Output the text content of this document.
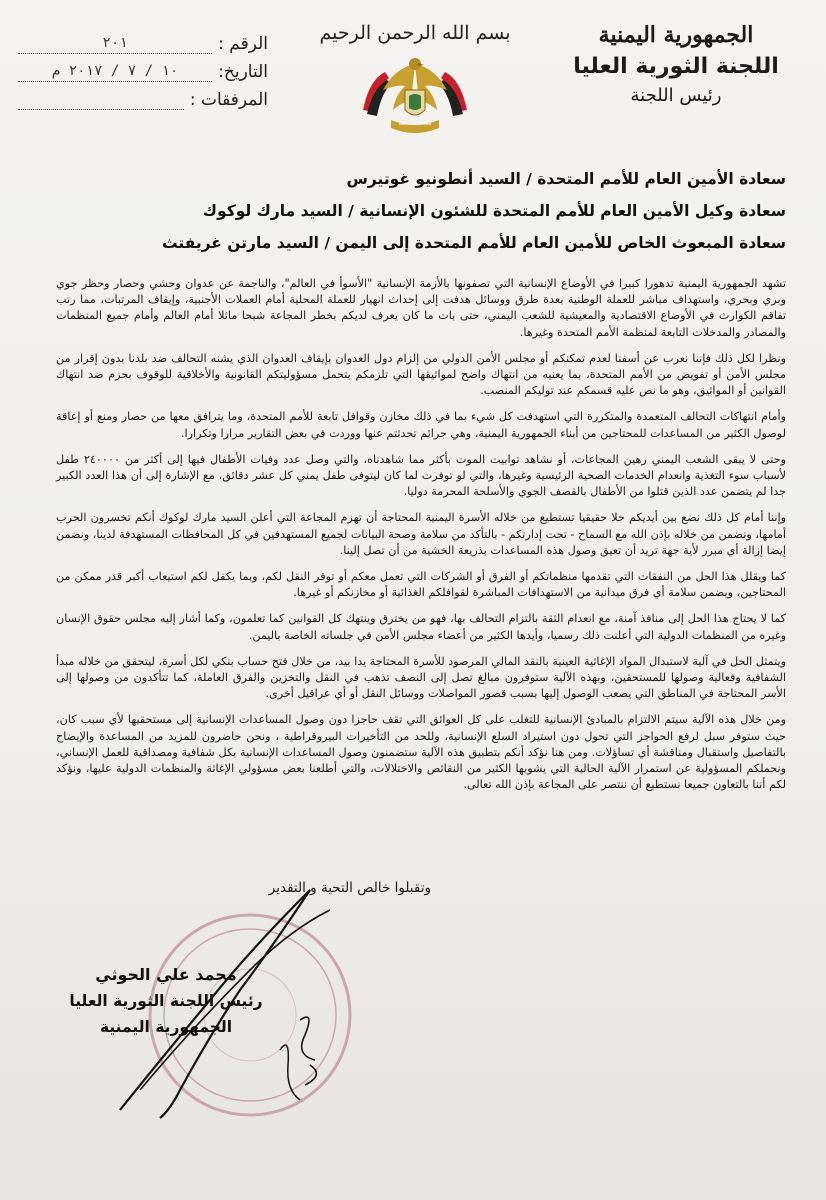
الجمهورية اليمنية
اللجنة الثورية العليا
رئيس اللجنة
بسم الله الرحمن الرحيم
الرقم :
٢٠١
التاريخ:
١٠ / ٧ / ٢٠١٧ م
المرفقات :
سعادة الأمين العام للأمم المتحدة / السيد أنطونيو غوتيرس
سعادة وكيل الأمين العام للأمم المتحدة للشئون الإنسانية / السيد مارك لوكوك
سعادة المبعوث الخاص للأمين العام للأمم المتحدة إلى اليمن / السيد مارتن غريفتث

تشهد الجمهورية اليمنية تدهورا كبيرا في الأوضاع الإنسانية التي تصفونها بالأزمة الإنسانية "الأسوأ في العالم"، والناجمة عن عدوان وحشي وحصار وحظر جوي وبري وبحري، واستهداف مباشر للعملة الوطنية بعدة طرق ووسائل هدفت إلى إحداث انهيار للعملة المحلية أمام العملات الأجنبية، وإيقاف المرتبات، مما رتب تفاقم الكوارث في الأوضاع الاقتصادية والمعيشية للشعب اليمني، حتى بات ما كان يعرف لديكم بخطر المجاعة شبحا ماثلا أمام العالم وأمام جميع المنظمات والمصادر والمدخلات التابعة لمنظمة الأمم المتحدة وغيرها.

ونظرا لكل ذلك فإننا نعرب عن أسفنا لعدم تمكنكم أو مجلس الأمن الدولي من إلزام دول العدوان بإيقاف العدوان الذي يشنه التحالف ضد بلدنا بدون إقرار من مجلس الأمن أو تفويض من الأمم المتحدة، بما يعنيه من انتهاك واضح لمواثيقها التي تلزمكم بتحمل مسؤوليتكم القانونية والأخلاقية للوقوف بحزم ضد انتهاك القوانين أو المواثيق، وهو ما نص عليه قسمكم عند توليكم المنصب.

وأمام انتهاكات التحالف المتعمدة والمتكررة التي استهدفت كل شيء بما في ذلك مخازن وقوافل تابعة للأمم المتحدة، وما يترافق معها من حصار ومنع أو إعاقة لوصول الكثير من المساعدات للمحتاجين من أبناء الجمهورية اليمنية، وهي جرائم تحدثتم عنها ووردت في بعض التقارير مرارا وتكرارا.

وحتى لا يبقى الشعب اليمني رهين المجاعات، أو نشاهد توابيت الموت بأكثر مما شاهدناه، والتي وصل عدد وفيات الأطفال فيها إلى أكثر من ٢٤٠٠٠٠ طفل لأسباب سوء التغذية وانعدام الخدمات الصحية الرئيسية وغيرها، والتي لو توفرت لما كان ليتوفى طفل يمني كل عشر دقائق، مع الإشارة إلى أن هذا العدد الكبير جدا لم يتضمن عدد الذين قتلوا من الأطفال بالقصف الجوي والأسلحة المحرمة دوليا.

وإننا أمام كل ذلك نضع بين أيديكم حلا حقيقيا تستطيع من خلاله الأسرة اليمنية المحتاجة أن تهزم المجاعة التي أعلن السيد مارك لوكوك أنكم تخسرون الحرب أمامها، ونضمن من خلاله بإذن الله مع السماح - تحت إدارتكم - بالتأكد من سلامة وصحة البيانات لجميع المستهدفين في كل المحافظات المستهدفة لدينا، ونضمن إيضا إزالة أي مبرر لأية جهة تريد أن تعيق وصول هذه المساعدات بذريعة الخشية من أن تصل إلينا.

كما ويقلل هذا الحل من النفقات التي تقدمها منظماتكم أو الفرق أو الشركات التي تعمل معكم أو توفر النقل لكم، وبما يكفل لكم استيعاب أكبر قدر ممكن من المحتاجين، ويضمن سلامة أي فرق ميدانية من الاستهدافات المباشرة لقوافلكم الغذائية أو مخازنكم أو غيرها.

كما لا يحتاج هذا الحل إلى منافذ آمنة، مع انعدام الثقة بالتزام التحالف بها، فهو من يخترق وينتهك كل القوانين كما تعلمون، وكما أشار إليه مجلس حقوق الإنسان وغيره من المنظمات الدولية التي أعلنت ذلك رسميا، وأيدها الكثير من أعضاء مجلس الأمن في جلساته الخاصة باليمن.

ويتمثل الحل في آلية لاستبدال المواد الإغاثية العينية بالنقد المالي المرصود للأسرة المحتاجة يدا بيد، من خلال فتح حساب بنكي لكل أسرة، ليتحقق من خلاله مبدأ الشفافية وفعالية وصولها للمستحقين، وبهذه الآلية ستوفرون مبالغ تصل إلى النصف تذهب في النقل والتخزين والفرق العاملة، كما تتأكدون من وصولها إلى الأسر المحتاجة في المناطق التي يصعب الوصول إليها بسبب قصور المواصلات ووسائل النقل أو أي عراقيل أخرى.

ومن خلال هذه الآلية سيتم الالتزام بالمبادئ الإنسانية للتغلب على كل العوائق التي تقف حاجزا دون وصول المساعدات الإنسانية إلى مستحقيها لأي سبب كان، حيث ستوفر سبل لرفع الحواجز التي تحول دون استيراد السلع الإنسانية، وللحد من التأخيرات البيروقراطية ، ونحن حاضرون للمزيد من المساعدة والإيضاح بالتفاصيل واستقبال ومناقشة أي تساؤلات. ومن هنا نؤكد أنكم بتطبيق هذه الآلية ستضمنون وصول المساعدات الإنسانية بكل شفافية ومصداقية للعمل الإنساني، ونحملكم المسؤولية عن استمرار الآلية الحالية التي يشوبها الكثير من النقائص والاختلالات، والتي أطلعنا بعض مسؤولي الإغاثة والمنظمات الدولية عليها، ونؤكد لكم أننا بالتعاون جميعا نستطيع أن ننتصر على المجاعة بإذن الله تعالى.

وتقبلوا خالص التحية و التقدير
محمد علي الحوثي
رئيس اللجنة الثورية العليا
الجمهورية اليمنية
